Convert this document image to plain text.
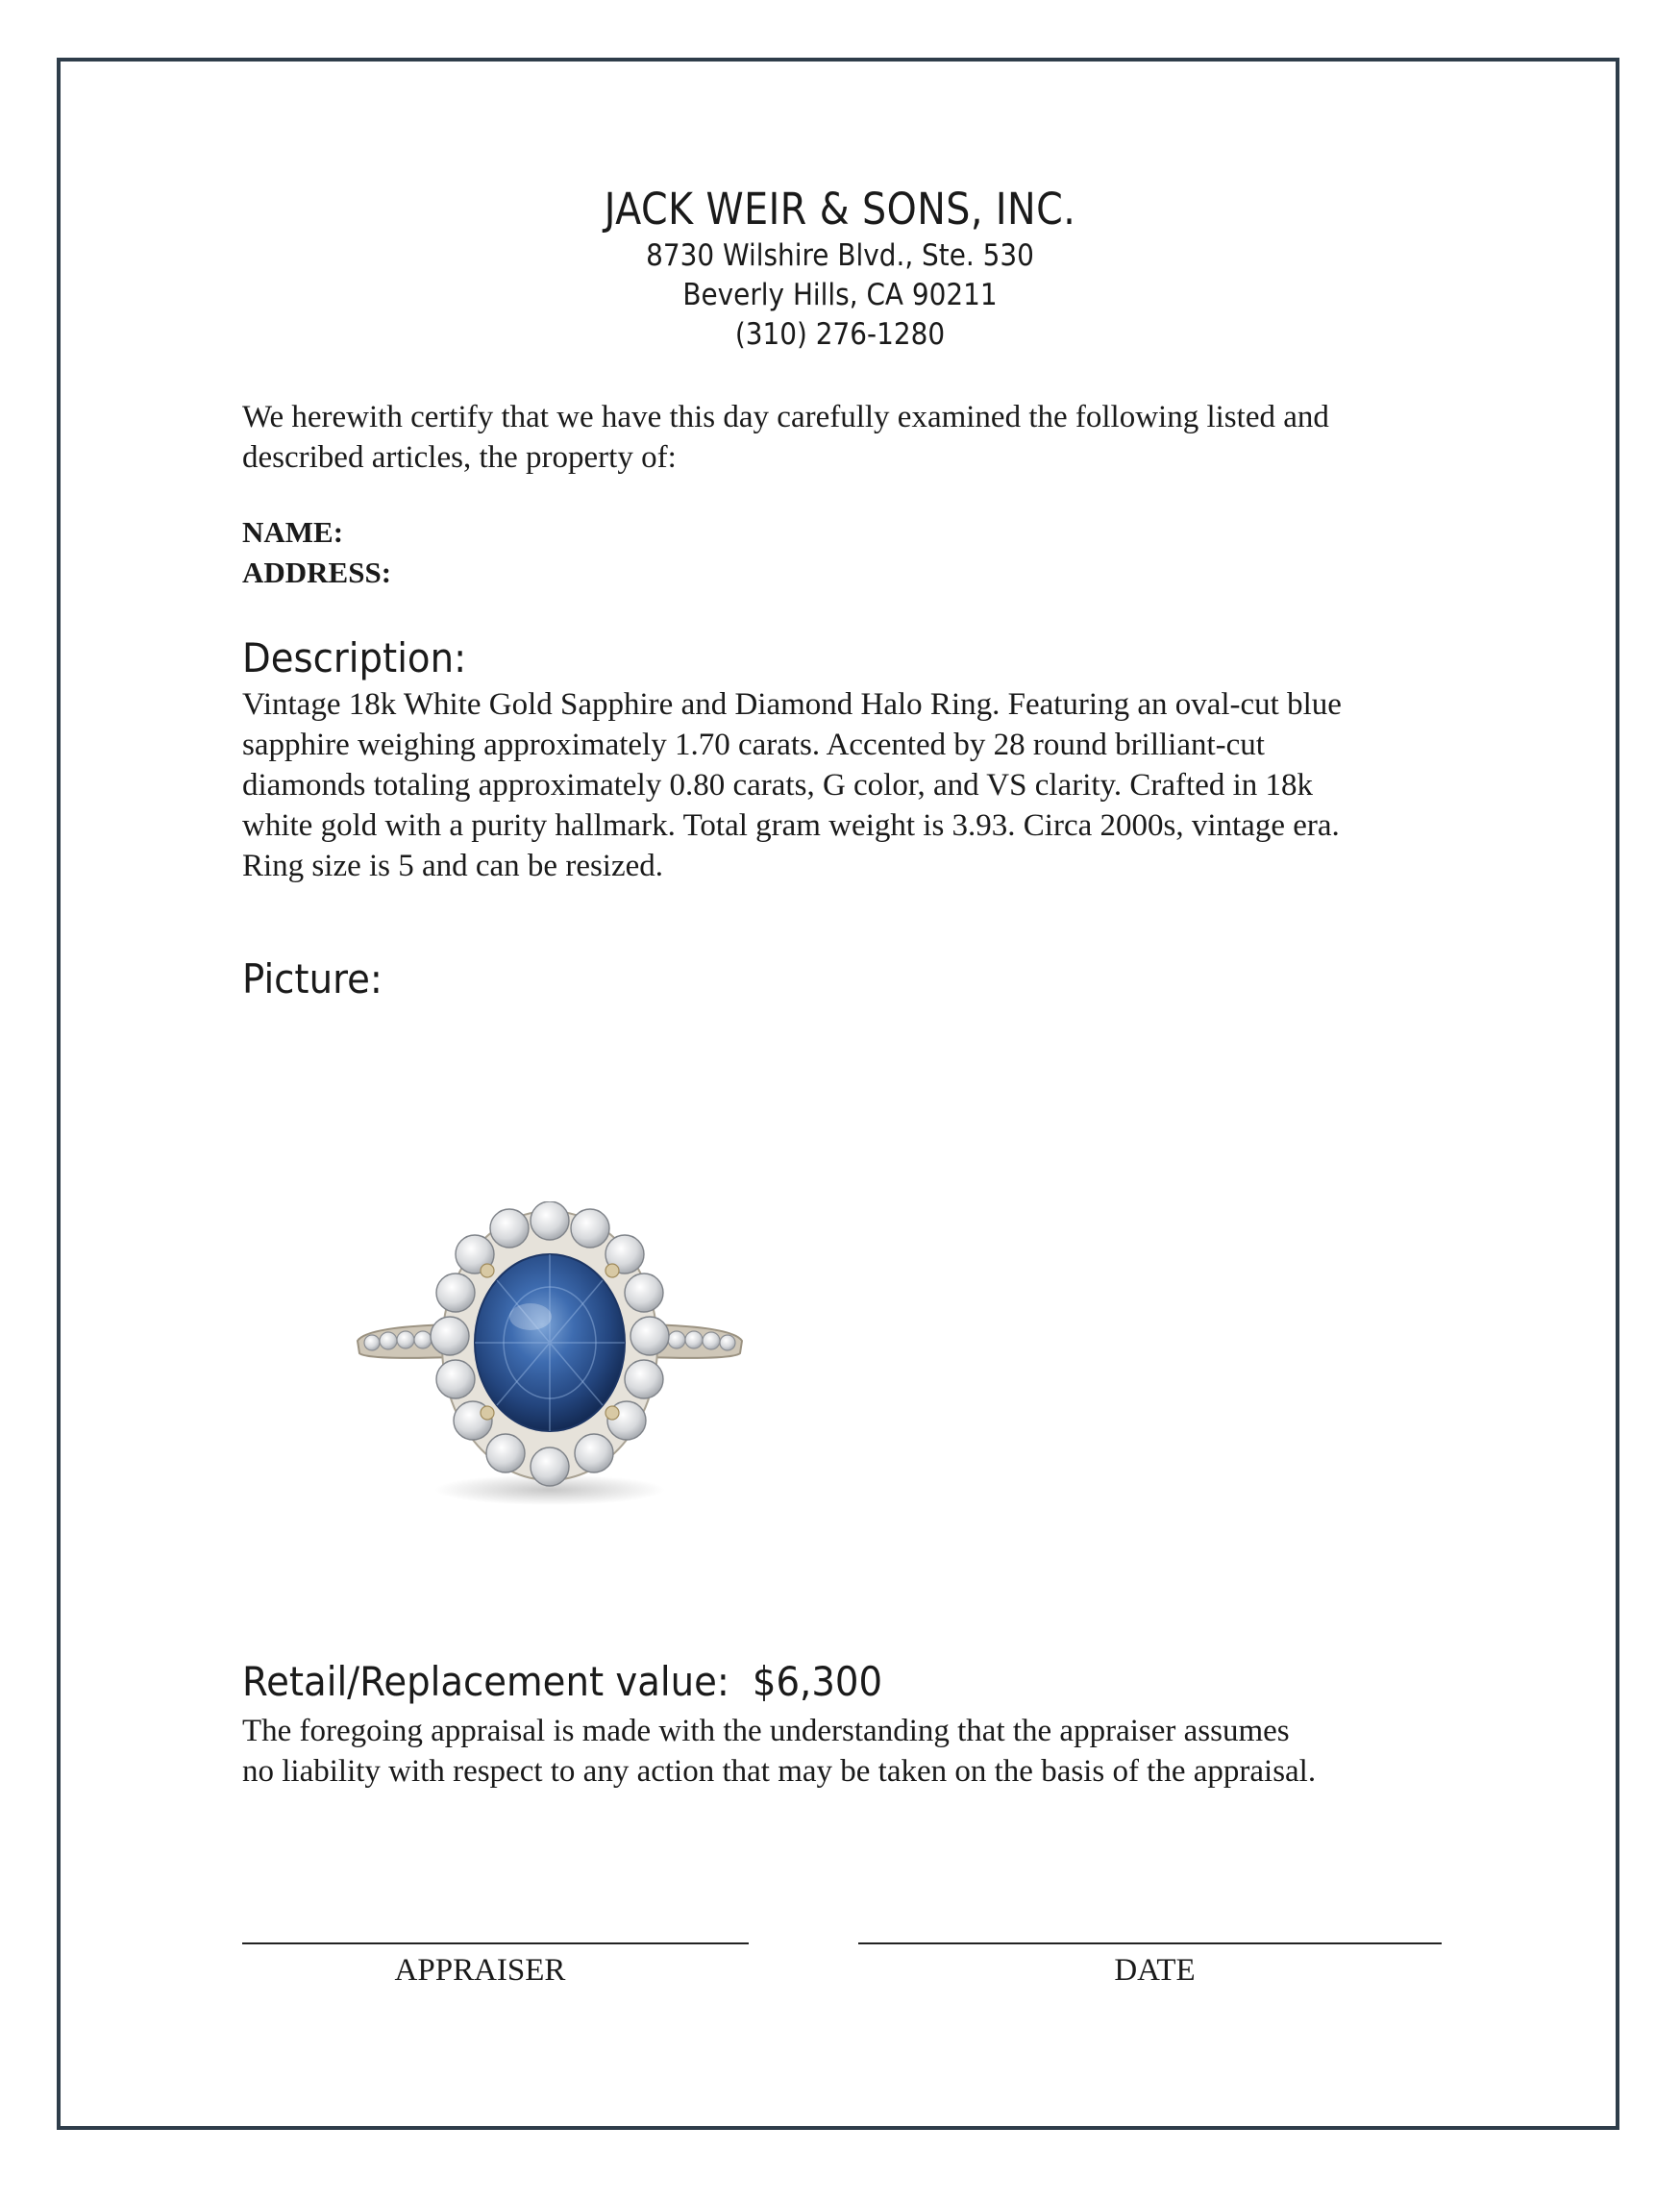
JACK WEIR & SONS, INC.
8730 Wilshire Blvd., Ste. 530
Beverly Hills, CA 90211
(310) 276-1280
We herewith certify that we have this day carefully examined the following listed and
described articles, the property of:
NAME:
ADDRESS:
Description:
Vintage 18k White Gold Sapphire and Diamond Halo Ring. Featuring an oval-cut blue
sapphire weighing approximately 1.70 carats. Accented by 28 round brilliant-cut
diamonds totaling approximately 0.80 carats, G color, and VS clarity. Crafted in 18k
white gold with a purity hallmark. Total gram weight is 3.93. Circa 2000s, vintage era.
Ring size is 5 and can be resized.
Picture:
Retail/Replacement value: $6,300
The foregoing appraisal is made with the understanding that the appraiser assumes
no liability with respect to any action that may be taken on the basis of the appraisal.
APPRAISER	DATE
